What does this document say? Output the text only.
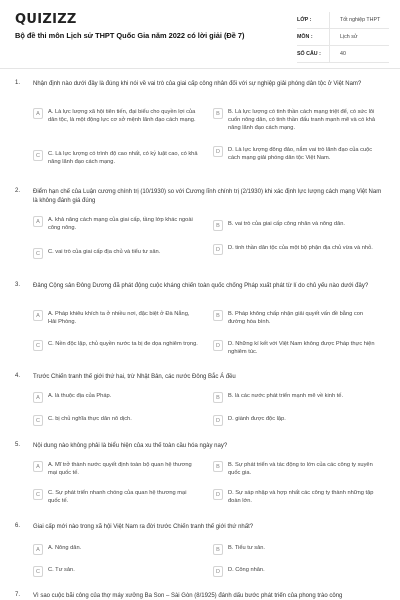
QUIZIZZ
Bộ đề thi môn Lịch sử THPT Quốc Gia năm 2022 có lời giải (Đề 7)
LỚP :	Tốt nghiệp THPT
MÔN :	Lịch sử
SỐ CÂU :	40
1. Nhận định nào dưới đây là đúng khi nói về vai trò của giai cấp công nhân đối với sự nghiệp giải phóng dân tộc ở Việt Nam?
A	A. Là lực lượng xã hội tiên tiến, đại biểu cho quyền lợi của dân tộc, là một động lực cơ sở mệnh lãnh đạo cách mạng.
B	B. Là lực lượng có tinh thần cách mạng triệt để, có sức lôi cuốn nông dân, có tinh thần đấu tranh mạnh mẽ và có khả năng lãnh đạo cách mạng.
C	C. Là lực lượng có trình độ cao nhất, có kỷ luật cao, có khả năng lãnh đạo cách mạng.
D	D. Là lực lượng đông đảo, nắm vai trò lãnh đạo của cuộc cách mạng giải phóng dân tộc Việt Nam.
2. Điểm hạn chế của Luận cương chính trị (10/1930) so với Cương lĩnh chính trị (2/1930) khi xác định lực lượng cách mạng Việt Nam là không đánh giá đúng
A	A. khả năng cách mạng của giai cấp, tầng lớp khác ngoài công nông.	B	B. vai trò của giai cấp công nhân và nông dân.
C	C. vai trò của giai cấp địa chủ và tiểu tư sản.	D	D. tinh thần dân tộc của một bộ phận địa chủ vừa và nhỏ.
3. Đảng Cộng sản Đông Dương đã phát động cuộc kháng chiến toàn quốc chống Pháp xuất phát từ lí do chủ yếu nào dưới đây?
A	A. Pháp khiêu khích ta ở nhiều nơi, đặc biệt ở Đà Nẵng, Hải Phòng.
B	B. Pháp không chấp nhận giải quyết vấn đề bằng con đường hòa bình.
C	C. Nền độc lập, chủ quyền nước ta bị đe dọa nghiêm trọng.	D	D. Những kí kết với Việt Nam không được Pháp thực hiện nghiêm túc.
4. Trước Chiến tranh thế giới thứ hai, trừ Nhật Bản, các nước Đông Bắc Á đều
A	A. là thuộc địa của Pháp.	B	B. là các nước phát triển mạnh mẽ về kinh tế.
C	C. bị chủ nghĩa thực dân nô dịch.	D	D. giành được độc lập.
5. Nội dung nào không phải là biểu hiện của xu thế toàn cầu hóa ngày nay?
A	A. Mĩ trở thành nước quyết định toàn bộ quan hệ thương mại quốc tế.
B	B. Sự phát triển và tác động to lớn của các công ty xuyên quốc gia.
C	C. Sự phát triển nhanh chóng của quan hệ thương mại quốc tế.
D	D. Sự sáp nhập và hợp nhất các công ty thành những tập đoàn lớn.
6. Giai cấp mới nào trong xã hội Việt Nam ra đời trước Chiến tranh thế giới thứ nhất?
A	A. Nông dân.	B	B. Tiểu tư sản.
C	C. Tư sản.	D	D. Công nhân.
7. Vì sao cuộc bãi công của thợ máy xưởng Ba Son – Sài Gòn (8/1925) đánh dấu bước phát triển của phong trào công
